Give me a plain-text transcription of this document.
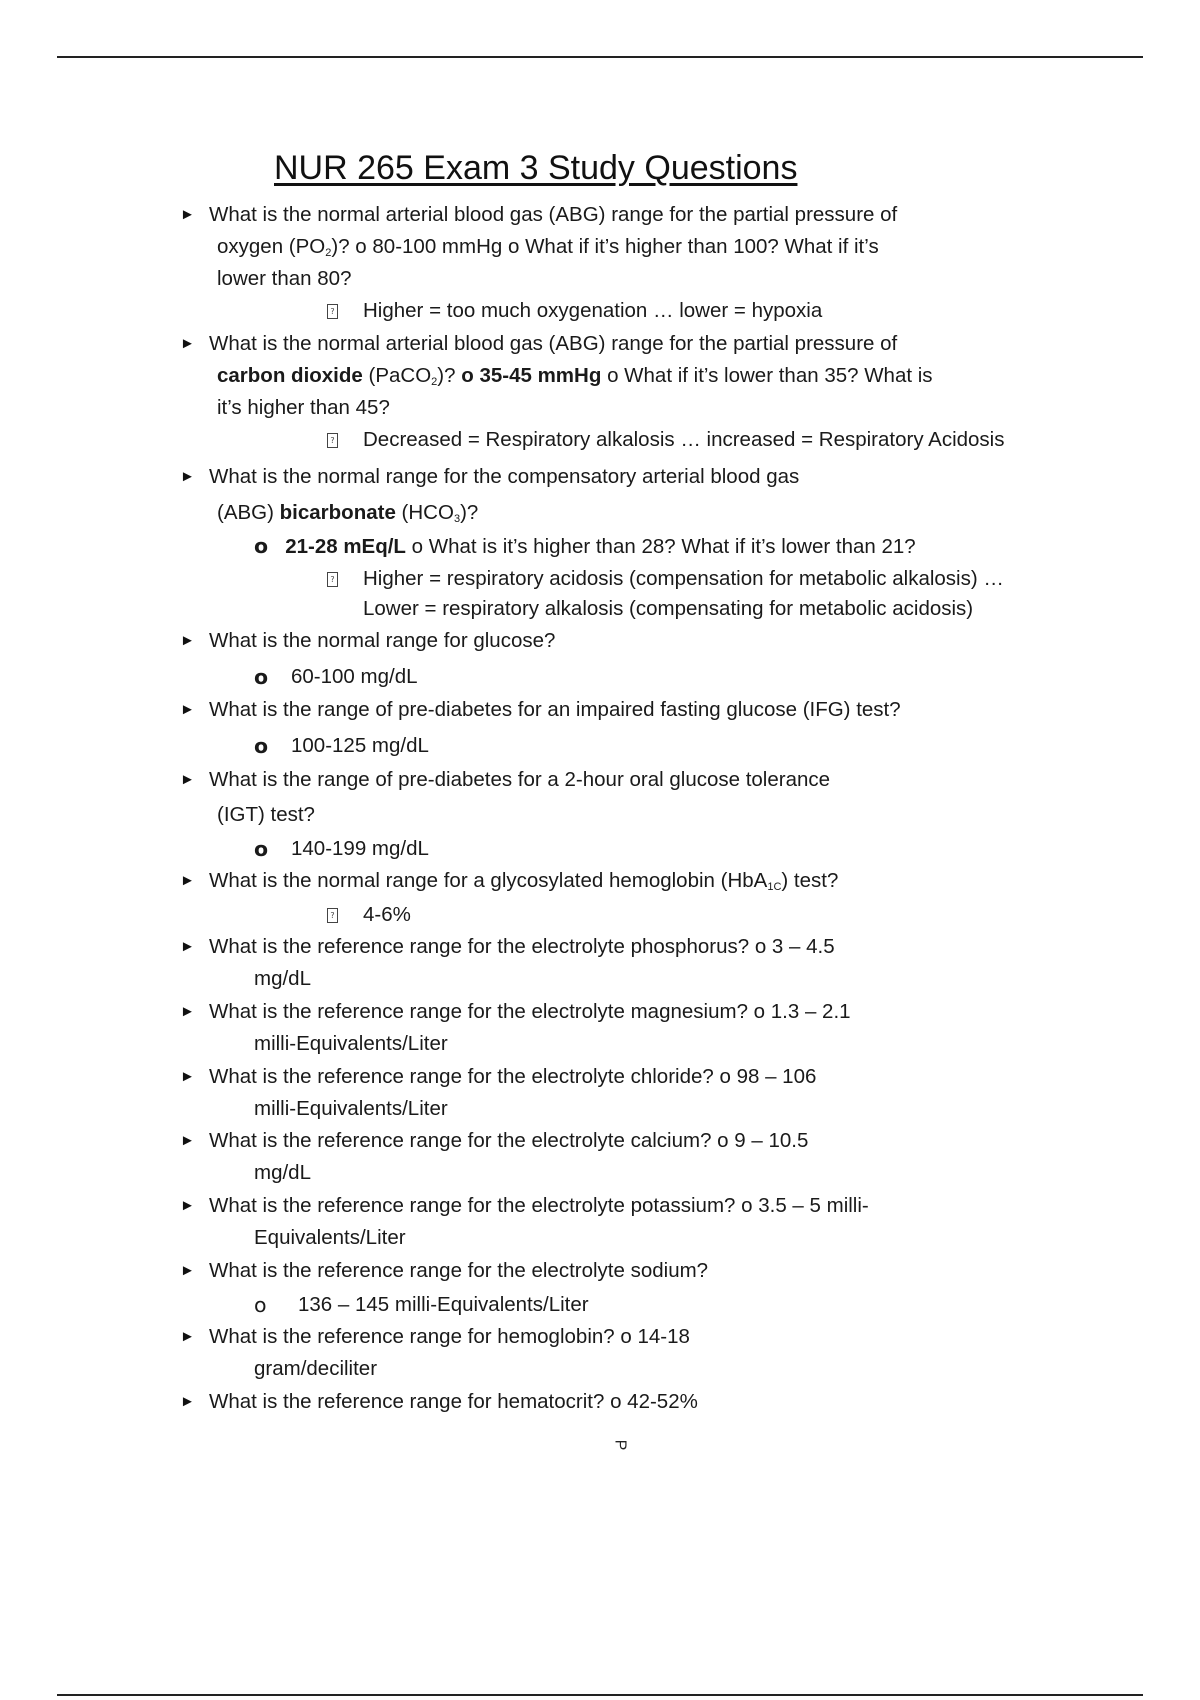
NUR 265 Exam 3 Study Questions
► What is the normal arterial blood gas (ABG) range for the partial pressure of
oxygen $(PO_2)$? o 80-100 mmHg o What if it’s higher than 100? What if it’s
lower than 80?
? Higher = too much oxygenation … lower = hypoxia
► What is the normal arterial blood gas (ABG) range for the partial pressure of
carbon dioxide (PaCO$_2$)? o 35-45 mmHg o What if it’s lower than 35? What is
it’s higher than 45?
? Decreased = Respiratory alkalosis … increased = Respiratory Acidosis
► What is the normal range for the compensatory arterial blood gas
(ABG) bicarbonate $(HCO_3)$?
o 21-28 mEq/L o What is it’s higher than 28? What if it’s lower than 21?
? Higher = respiratory acidosis (compensation for metabolic alkalosis) …
Lower = respiratory alkalosis (compensating for metabolic acidosis)
► What is the normal range for glucose?
o 60-100 mg/dL
► What is the range of pre-diabetes for an impaired fasting glucose (IFG) test?
o 100-125 mg/dL
► What is the range of pre-diabetes for a 2-hour oral glucose tolerance
(IGT) test?
o 140-199 mg/dL
► What is the normal range for a glycosylated hemoglobin (HbA$_{1C}$) test?
? 4-6%
► What is the reference range for the electrolyte phosphorus? o 3 – 4.5
mg/dL
► What is the reference range for the electrolyte magnesium? o 1.3 – 2.1
milli-Equivalents/Liter
► What is the reference range for the electrolyte chloride? o 98 – 106
milli-Equivalents/Liter
► What is the reference range for the electrolyte calcium? o 9 – 10.5
mg/dL
► What is the reference range for the electrolyte potassium? o 3.5 – 5 milli-
Equivalents/Liter
► What is the reference range for the electrolyte sodium?
o 136 – 145 milli-Equivalents/Liter
► What is the reference range for hemoglobin? o 14-18
gram/deciliter
► What is the reference range for hematocrit? o 42-52%
P
